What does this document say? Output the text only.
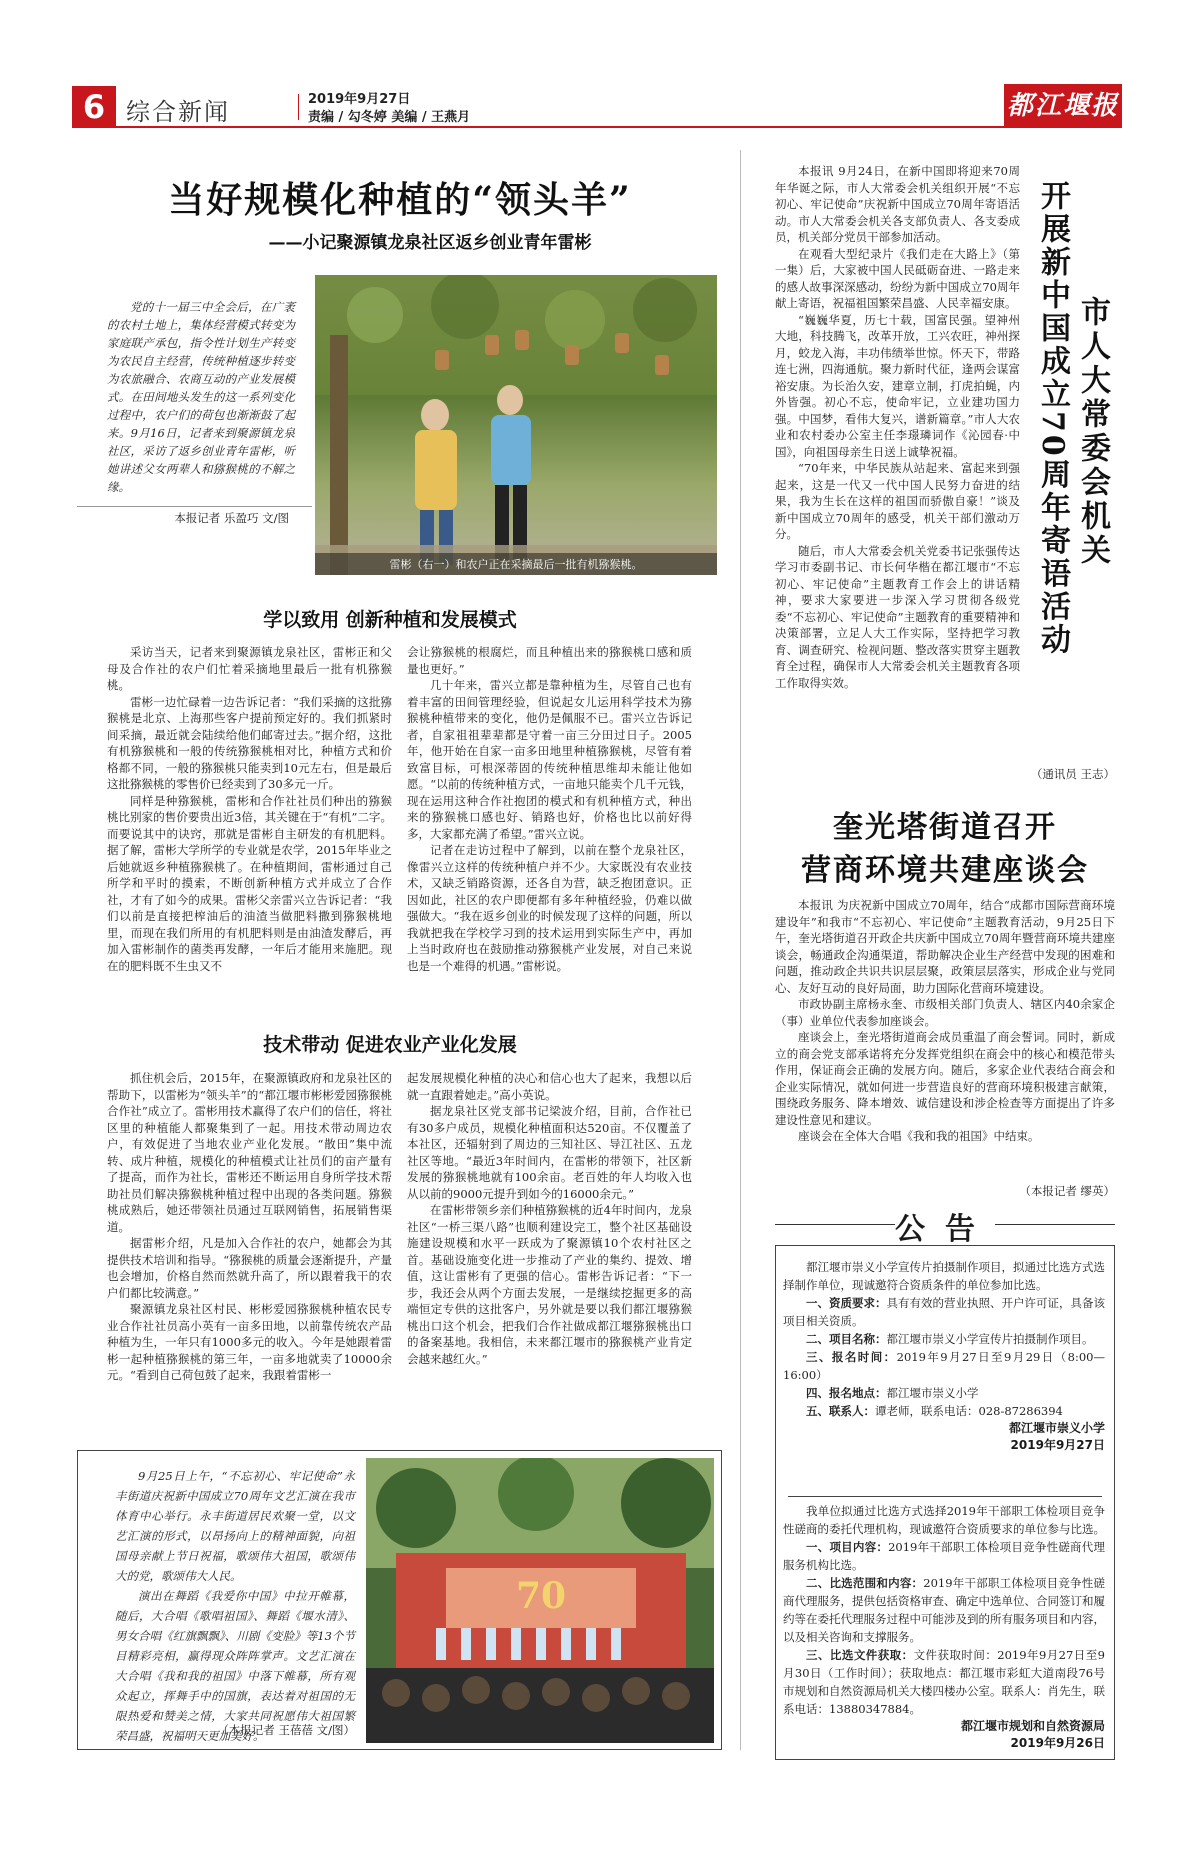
6 综合新闻	2019年9月27日
责编 / 勾冬婷 美编 / 王燕月	都江堰报
当好规模化种植的“领头羊”
——小记聚源镇龙泉社区返乡创业青年雷彬

党的十一届三中全会后，在广袤的农村土地上，集体经营模式转变为家庭联产承包，指令性计划生产转变为农民自主经营，传统种植逐步转变为农旅融合、农商互动的产业发展模式。在田间地头发生的这一系列变化过程中，农户们的荷包也渐渐鼓了起来。9月16日，记者来到聚源镇龙泉社区，采访了返乡创业青年雷彬，听她讲述父女两辈人和猕猴桃的不解之缘。

本报记者 乐盈巧 文/图
雷彬（右一）和农户正在采摘最后一批有机猕猴桃。
学以致用 创新种植和发展模式

采访当天，记者来到聚源镇龙泉社区，雷彬正和父母及合作社的农户们忙着采摘地里最后一批有机猕猴桃。

雷彬一边忙碌着一边告诉记者：“我们采摘的这批猕猴桃是北京、上海那些客户提前预定好的。我们抓紧时间采摘，最近就会陆续给他们邮寄过去。”据介绍，这批有机猕猴桃和一般的传统猕猴桃相对比，种植方式和价格都不同，一般的猕猴桃只能卖到10元左右，但是最后这批猕猴桃的零售价已经卖到了30多元一斤。

同样是种猕猴桃，雷彬和合作社社员们种出的猕猴桃比别家的售价要贵出近3倍，其关键在于“有机”二字。而要说其中的诀窍，那就是雷彬自主研发的有机肥料。据了解，雷彬大学所学的专业就是农学，2015年毕业之后她就返乡种植猕猴桃了。在种植期间，雷彬通过自己所学和平时的摸索，不断创新种植方式并成立了合作社，才有了如今的成果。雷彬父亲雷兴立告诉记者：“我们以前是直接把榨油后的油渣当做肥料撒到猕猴桃地里，而现在我们所用的有机肥料则是由油渣发酵后，再加入雷彬制作的菌类再发酵，一年后才能用来施肥。现在的肥料既不生虫又不

会让猕猴桃的根腐烂，而且种植出来的猕猴桃口感和质量也更好。”

几十年来，雷兴立都是靠种植为生，尽管自己也有着丰富的田间管理经验，但说起女儿运用科学技术为猕猴桃种植带来的变化，他仍是佩服不已。雷兴立告诉记者，自家祖祖辈辈都是守着一亩三分田过日子。2005年，他开始在自家一亩多田地里种植猕猴桃，尽管有着致富目标，可根深蒂固的传统种植思维却未能让他如愿。“以前的传统种植方式，一亩地只能卖个几千元钱，现在运用这种合作社抱团的模式和有机种植方式，种出来的猕猴桃口感也好、销路也好，价格也比以前好得多，大家都充满了希望。”雷兴立说。

记者在走访过程中了解到，以前在整个龙泉社区，像雷兴立这样的传统种植户并不少。大家既没有农业技术，又缺乏销路资源，还各自为营，缺乏抱团意识。正因如此，社区的农户即便都有多年种植经验，仍难以做强做大。“我在返乡创业的时候发现了这样的问题，所以我就把我在学校学习到的技术运用到实际生产中，再加上当时政府也在鼓励推动猕猴桃产业发展，对自己来说也是一个难得的机遇。”雷彬说。

技术带动 促进农业产业化发展

抓住机会后，2015年，在聚源镇政府和龙泉社区的帮助下，以雷彬为“领头羊”的“都江堰市彬彬爱园猕猴桃合作社”成立了。雷彬用技术赢得了农户们的信任，将社区里的种植能人都聚集到了一起。用技术带动周边农户，有效促进了当地农业产业化发展。“散田”集中流转、成片种植，规模化的种植模式让社员们的亩产量有了提高，而作为社长，雷彬还不断运用自身所学技术帮助社员们解决猕猴桃种植过程中出现的各类问题。猕猴桃成熟后，她还带领社员通过互联网销售，拓展销售渠道。

据雷彬介绍，凡是加入合作社的农户，她都会为其提供技术培训和指导。“猕猴桃的质量会逐渐提升，产量也会增加，价格自然而然就升高了，所以跟着我干的农户们都比较满意。”

聚源镇龙泉社区村民、彬彬爱园猕猴桃种植农民专业合作社社员高小英有一亩多田地，以前靠传统农产品种植为生，一年只有1000多元的收入。今年是她跟着雷彬一起种植猕猴桃的第三年，一亩多地就卖了10000余元。“看到自己荷包鼓了起来，我跟着雷彬一

起发展规模化种植的决心和信心也大了起来，我想以后就一直跟着她走。”高小英说。

据龙泉社区党支部书记梁波介绍，目前，合作社已有30多户成员，规模化种植面积达520亩。不仅覆盖了本社区，还辐射到了周边的三知社区、导江社区、五龙社区等地。“最近3年时间内，在雷彬的带领下，社区新发展的猕猴桃地就有100余亩。老百姓的年人均收入也从以前的9000元提升到如今的16000余元。”

在雷彬带领乡亲们种植猕猴桃的近4年时间内，龙泉社区“一桥三渠八路”也顺利建设完工，整个社区基础设施建设规模和水平一跃成为了聚源镇10个农村社区之首。基础设施变化进一步推动了产业的集约、提效、增值，这让雷彬有了更强的信心。雷彬告诉记者：“下一步，我还会从两个方面去发展，一是继续挖掘更多的高端恒定专供的这批客户，另外就是要以我们都江堰猕猴桃出口这个机会，把我们合作社做成都江堰猕猴桃出口的备案基地。我相信，未来都江堰市的猕猴桃产业肯定会越来越红火。”

9月25日上午，“不忘初心、牢记使命”永丰街道庆祝新中国成立70周年文艺汇演在我市体育中心举行。永丰街道居民欢聚一堂，以文艺汇演的形式，以昂扬向上的精神面貌，向祖国母亲献上节日祝福，歌颂伟大祖国，歌颂伟大的党，歌颂伟大人民。

演出在舞蹈《我爱你中国》中拉开帷幕，随后，大合唱《歌唱祖国》、舞蹈《堰水清》、男女合唱《红旗飘飘》、川剧《变脸》等13个节目精彩亮相，赢得现众阵阵掌声。文艺汇演在大合唱《我和我的祖国》中落下帷幕，所有观众起立，挥舞手中的国旗，表达着对祖国的无限热爱和赞美之情，大家共同祝愿伟大祖国繁荣昌盛，祝福明天更加美好。

（本报记者 王蓓蓓 文/图）
70
市人大常委会机关
开展新中国成立70周年寄语活动

本报讯 9月24日，在新中国即将迎来70周年华诞之际，市人大常委会机关组织开展“不忘初心、牢记使命”庆祝新中国成立70周年寄语活动。市人大常委会机关各支部负责人、各支委成员，机关部分党员干部参加活动。

在观看大型纪录片《我们走在大路上》（第一集）后，大家被中国人民砥砺奋进、一路走来的感人故事深深感动，纷纷为新中国成立70周年献上寄语，祝福祖国繁荣昌盛、人民幸福安康。

“巍巍华夏，历七十载，国富民强。望神州大地，科技腾飞，改革开放，工兴农旺，神州探月，蛟龙入海，丰功伟绩举世惊。怀天下，带路连七洲，四海通航。聚力新时代征，逢两会谋富裕安康。为长治久安，建章立制，打虎拍蝇，内外皆强。初心不忘，使命牢记，立业建功国力强。中国梦，看伟大复兴，谱新篇章。”市人大农业和农村委办公室主任李璟璘词作《沁园春·中国》，向祖国母亲生日送上诚挚祝福。

“70年来，中华民族从站起来、富起来到强起来，这是一代又一代中国人民努力奋进的结果，我为生长在这样的祖国而骄傲自豪！”谈及新中国成立70周年的感受，机关干部们激动万分。

随后，市人大常委会机关党委书记张强传达学习市委副书记、市长何华楷在都江堰市“不忘初心、牢记使命”主题教育工作会上的讲话精神，要求大家要进一步深入学习贯彻各级党委“不忘初心、牢记使命”主题教育的重要精神和决策部署，立足人大工作实际，坚持把学习教育、调查研究、检视问题、整改落实贯穿主题教育全过程，确保市人大常委会机关主题教育各项工作取得实效。

（通讯员 王志）
奎光塔街道召开
营商环境共建座谈会

本报讯 为庆祝新中国成立70周年，结合“成都市国际营商环境建设年”和我市“不忘初心、牢记使命”主题教育活动，9月25日下午，奎光塔街道召开政企共庆新中国成立70周年暨营商环境共建座谈会，畅通政企沟通渠道，帮助解决企业生产经营中发现的困难和问题，推动政企共识共识层层聚，政策层层落实，形成企业与党同心、友好互动的良好局面，助力国际化营商环境建设。

市政协副主席杨永奎、市级相关部门负责人、辖区内40余家企（事）业单位代表参加座谈会。

座谈会上，奎光塔街道商会成员重温了商会誓词。同时，新成立的商会党支部承诺将充分发挥党组织在商会中的核心和模范带头作用，保证商会正确的发展方向。随后，多家企业代表结合商会和企业实际情况，就如何进一步营造良好的营商环境积极建言献策，围绕政务服务、降本增效、诚信建设和涉企检查等方面提出了许多建设性意见和建议。

座谈会在全体大合唱《我和我的祖国》中结束。

（本报记者 缪英）
公告

都江堰市崇义小学宣传片拍摄制作项目，拟通过比选方式选择制作单位，现诚邀符合资质条件的单位参加比选。

一、资质要求：具有有效的营业执照、开户许可证，具备该项目相关资质。

二、项目名称：都江堰市崇义小学宣传片拍摄制作项目。

三、报名时间：2019年9月27日至9月29日（8:00—16:00）

四、报名地点：都江堰市崇义小学

五、联系人：谭老师，联系电话：028-87286394

都江堰市崇义小学
2019年9月27日

我单位拟通过比选方式选择2019年干部职工体检项目竞争性磋商的委托代理机构，现诚邀符合资质要求的单位参与比选。

一、项目内容：2019年干部职工体检项目竞争性磋商代理服务机构比选。

二、比选范围和内容：2019年干部职工体检项目竞争性磋商代理服务，提供包括资格审查、确定中选单位、合同签订和履约等在委托代理服务过程中可能涉及到的所有服务项目和内容，以及相关咨询和支撑服务。

三、比选文件获取：文件获取时间：2019年9月27日至9月30日（工作时间）；获取地点：都江堰市彩虹大道南段76号市规划和自然资源局机关大楼四楼办公室。联系人：肖先生，联系电话：13880347884。

都江堰市规划和自然资源局
2019年9月26日
